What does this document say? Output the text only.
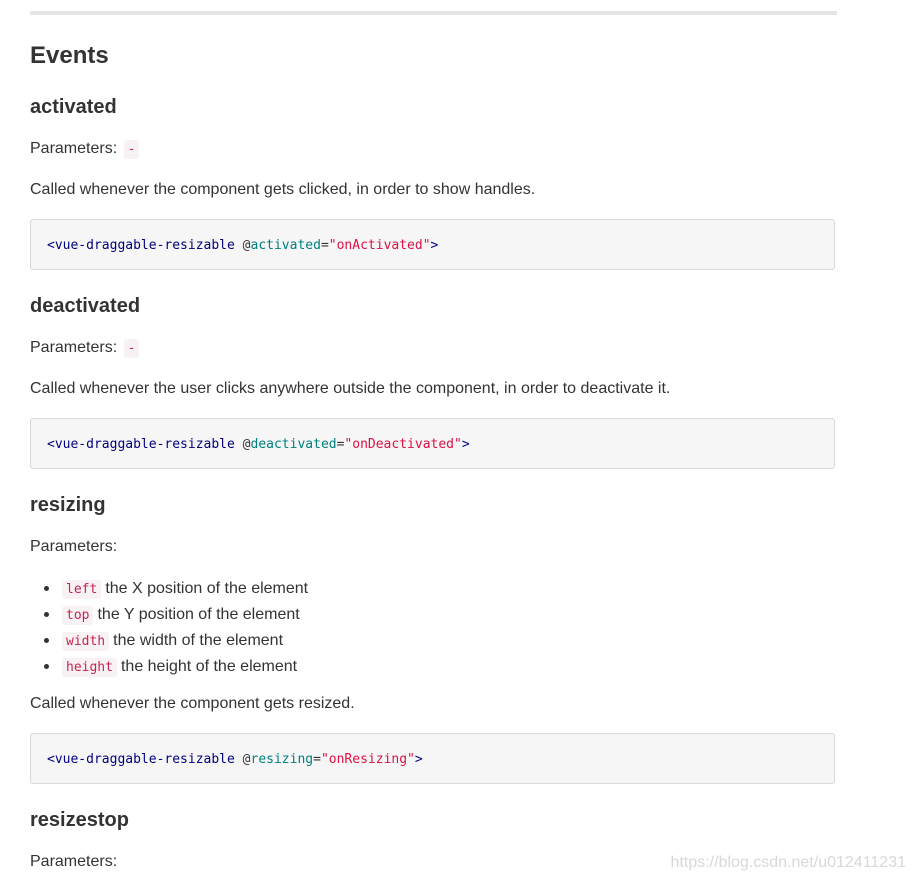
Events
activated

Parameters: -

Called whenever the component gets clicked, in order to show handles.

<vue-draggable-resizable @activated="onActivated">
deactivated

Parameters: -

Called whenever the user clicks anywhere outside the component, in order to deactivate it.

<vue-draggable-resizable @deactivated="onDeactivated">
resizing

Parameters:

left the X position of the element
top the Y position of the element
width the width of the element
height the height of the element

Called whenever the component gets resized.

<vue-draggable-resizable @resizing="onResizing">
resizestop

Parameters:	https://blog.csdn.net/u012411231
